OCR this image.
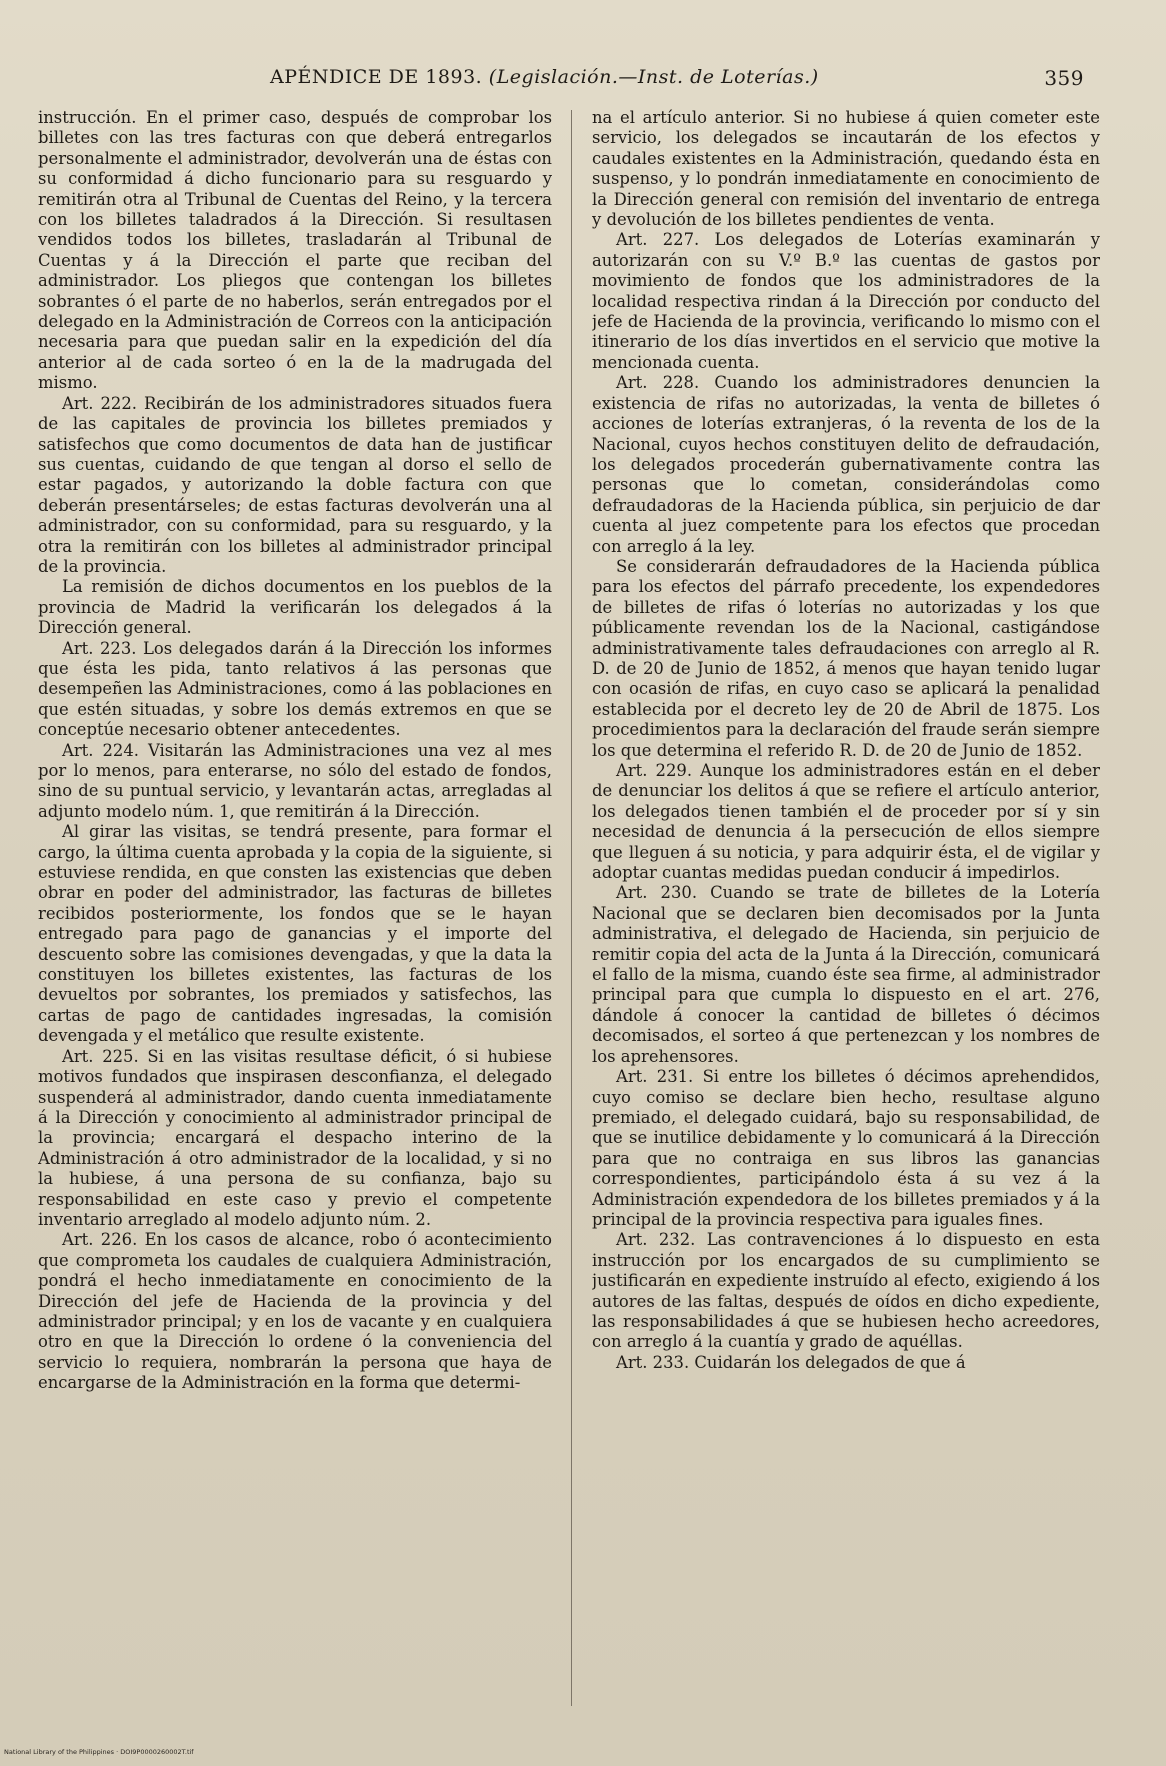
APÉNDICE DE 1893. (Legislación.—Inst. de Loterías.)	359

instrucción. En el primer caso, después de comprobar los billetes con las tres facturas con que deberá entregarlos personalmente el administrador, devolverán una de éstas con su conformidad á dicho funcionario para su resguardo y remitirán otra al Tribunal de Cuentas del Reino, y la tercera con los billetes taladrados á la Dirección. Si resultasen vendidos todos los billetes, trasladarán al Tribunal de Cuentas y á la Dirección el parte que reciban del administrador. Los pliegos que contengan los billetes sobrantes ó el parte de no haberlos, serán entregados por el delegado en la Administración de Correos con la anticipación necesaria para que puedan salir en la expedición del día anterior al de cada sorteo ó en la de la madrugada del mismo.

Art. 222. Recibirán de los administradores situados fuera de las capitales de provincia los billetes premiados y satisfechos que como documentos de data han de justificar sus cuentas, cuidando de que tengan al dorso el sello de estar pagados, y autorizando la doble factura con que deberán presentárseles; de estas facturas devolverán una al administrador, con su conformidad, para su resguardo, y la otra la remitirán con los billetes al administrador principal de la provincia.

La remisión de dichos documentos en los pueblos de la provincia de Madrid la verificarán los delegados á la Dirección general.

Art. 223. Los delegados darán á la Dirección los informes que ésta les pida, tanto relativos á las personas que desempeñen las Administraciones, como á las poblaciones en que estén situadas, y sobre los demás extremos en que se conceptúe necesario obtener antecedentes.

Art. 224. Visitarán las Administraciones una vez al mes por lo menos, para enterarse, no sólo del estado de fondos, sino de su puntual servicio, y levantarán actas, arregladas al adjunto modelo núm. 1, que remitirán á la Dirección.

Al girar las visitas, se tendrá presente, para formar el cargo, la última cuenta aprobada y la copia de la siguiente, si estuviese rendida, en que consten las existencias que deben obrar en poder del administrador, las facturas de billetes recibidos posteriormente, los fondos que se le hayan entregado para pago de ganancias y el importe del descuento sobre las comisiones devengadas, y que la data la constituyen los billetes existentes, las facturas de los devueltos por sobrantes, los premiados y satisfechos, las cartas de pago de cantidades ingresadas, la comisión devengada y el metálico que resulte existente.

Art. 225. Si en las visitas resultase déficit, ó si hubiese motivos fundados que inspirasen desconfianza, el delegado suspenderá al administrador, dando cuenta inmediatamente á la Dirección y conocimiento al administrador principal de la provincia; encargará el despacho interino de la Administración á otro administrador de la localidad, y si no la hubiese, á una persona de su confianza, bajo su responsabilidad en este caso y previo el competente inventario arreglado al modelo adjunto núm. 2.

Art. 226. En los casos de alcance, robo ó acontecimiento que comprometa los caudales de cualquiera Administración, pondrá el hecho inmediatamente en conocimiento de la Dirección del jefe de Hacienda de la provincia y del administrador principal; y en los de vacante y en cualquiera otro en que la Dirección lo ordene ó la conveniencia del servicio lo requiera, nombrarán la persona que haya de encargarse de la Administración en la forma que determi-

na el artículo anterior. Si no hubiese á quien cometer este servicio, los delegados se incautarán de los efectos y caudales existentes en la Administración, quedando ésta en suspenso, y lo pondrán inmediatamente en conocimiento de la Dirección general con remisión del inventario de entrega y devolución de los billetes pendientes de venta.

Art. 227. Los delegados de Loterías examinarán y autorizarán con su V.º B.º las cuentas de gastos por movimiento de fondos que los administradores de la localidad respectiva rindan á la Dirección por conducto del jefe de Hacienda de la provincia, verificando lo mismo con el itinerario de los días invertidos en el servicio que motive la mencionada cuenta.

Art. 228. Cuando los administradores denuncien la existencia de rifas no autorizadas, la venta de billetes ó acciones de loterías extranjeras, ó la reventa de los de la Nacional, cuyos hechos constituyen delito de defraudación, los delegados procederán gubernativamente contra las personas que lo cometan, considerándolas como defraudadoras de la Hacienda pública, sin perjuicio de dar cuenta al juez competente para los efectos que procedan con arreglo á la ley.

Se considerarán defraudadores de la Hacienda pública para los efectos del párrafo precedente, los expendedores de billetes de rifas ó loterías no autorizadas y los que públicamente revendan los de la Nacional, castigándose administrativamente tales defraudaciones con arreglo al R. D. de 20 de Junio de 1852, á menos que hayan tenido lugar con ocasión de rifas, en cuyo caso se aplicará la penalidad establecida por el decreto ley de 20 de Abril de 1875. Los procedimientos para la declaración del fraude serán siempre los que determina el referido R. D. de 20 de Junio de 1852.

Art. 229. Aunque los administradores están en el deber de denunciar los delitos á que se refiere el artículo anterior, los delegados tienen también el de proceder por sí y sin necesidad de denuncia á la persecución de ellos siempre que lleguen á su noticia, y para adquirir ésta, el de vigilar y adoptar cuantas medidas puedan conducir á impedirlos.

Art. 230. Cuando se trate de billetes de la Lotería Nacional que se declaren bien decomisados por la Junta administrativa, el delegado de Hacienda, sin perjuicio de remitir copia del acta de la Junta á la Dirección, comunicará el fallo de la misma, cuando éste sea firme, al administrador principal para que cumpla lo dispuesto en el art. 276, dándole á conocer la cantidad de billetes ó décimos decomisados, el sorteo á que pertenezcan y los nombres de los aprehensores.

Art. 231. Si entre los billetes ó décimos aprehendidos, cuyo comiso se declare bien hecho, resultase alguno premiado, el delegado cuidará, bajo su responsabilidad, de que se inutilice debidamente y lo comunicará á la Dirección para que no contraiga en sus libros las ganancias correspondientes, participándolo ésta á su vez á la Administración expendedora de los billetes premiados y á la principal de la provincia respectiva para iguales fines.

Art. 232. Las contravenciones á lo dispuesto en esta instrucción por los encargados de su cumplimiento se justificarán en expediente instruído al efecto, exigiendo á los autores de las faltas, después de oídos en dicho expediente, las responsabilidades á que se hubiesen hecho acreedores, con arreglo á la cuantía y grado de aquéllas.

Art. 233. Cuidarán los delegados de que á

National Library of the Philippines · DOI9P0000260002T.tif
